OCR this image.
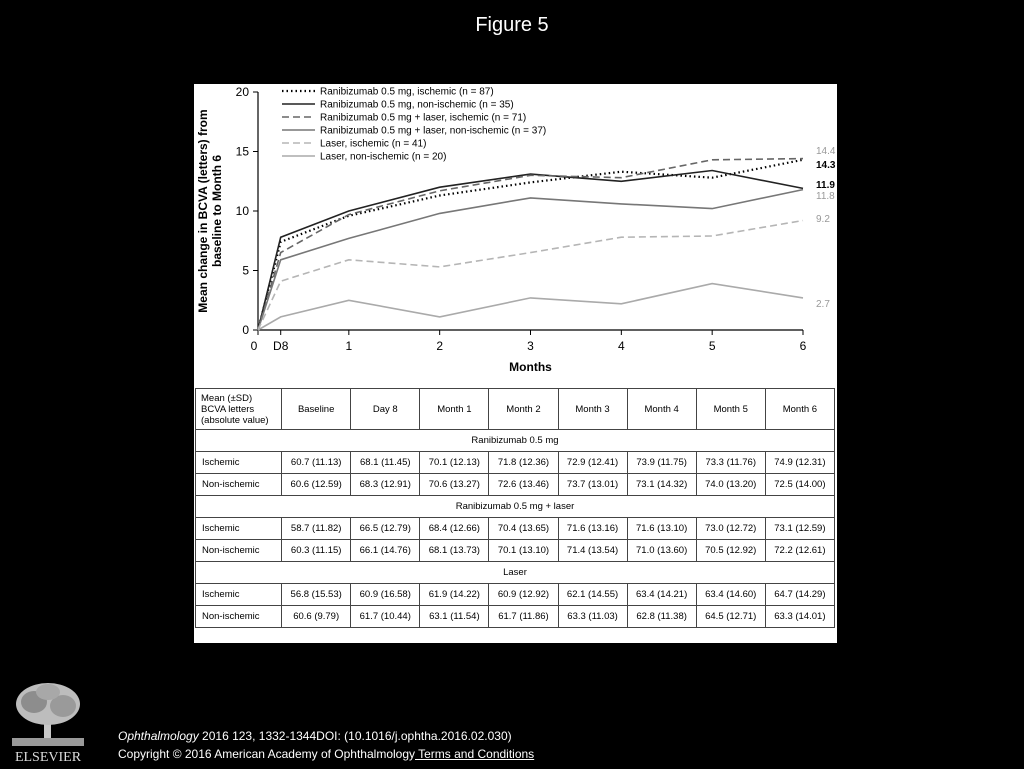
Figure 5
0
5
10
15
20
0 D8	1	2	3	4	5	6
Months
Mean change in BCVA (letters) frombaseline to Month 6	14.3
11.9
14.4
11.8
9.2
2.7
Ranibizumab 0.5 mg, ischemic (n = 87)
Ranibizumab 0.5 mg, non-ischemic (n = 35)
Ranibizumab 0.5 mg + laser, ischemic (n = 71)
Ranibizumab 0.5 mg + laser, non-ischemic (n = 37)
Laser, ischemic (n = 41)
Laser, non-ischemic (n = 20)
Mean (±SD)
BCVA letters
(absolute value)	Baseline	Day 8	Month 1	Month 2	Month 3	Month 4	Month 5	Month 6
Ranibizumab 0.5 mg								
Ischemic	60.7 (11.13)	68.1 (11.45)	70.1 (12.13)	71.8 (12.36)	72.9 (12.41)	73.9 (11.75)	73.3 (11.76)	74.9 (12.31)
Non-ischemic	60.6 (12.59)	68.3 (12.91)	70.6 (13.27)	72.6 (13.46)	73.7 (13.01)	73.1 (14.32)	74.0 (13.20)	72.5 (14.00)
Ranibizumab 0.5 mg + laser								
Ischemic	58.7 (11.82)	66.5 (12.79)	68.4 (12.66)	70.4 (13.65)	71.6 (13.16)	71.6 (13.10)	73.0 (12.72)	73.1 (12.59)
Non-ischemic	60.3 (11.15)	66.1 (14.76)	68.1 (13.73)	70.1 (13.10)	71.4 (13.54)	71.0 (13.60)	70.5 (12.92)	72.2 (12.61)
Laser								
Ischemic	56.8 (15.53)	60.9 (16.58)	61.9 (14.22)	60.9 (12.92)	62.1 (14.55)	63.4 (14.21)	63.4 (14.60)	64.7 (14.29)
Non-ischemic	60.6 (9.79)	61.7 (10.44)	63.1 (11.54)	61.7 (11.86)	63.3 (11.03)	62.8 (11.38)	64.5 (12.71)	63.3 (14.01)
ELSEVIER
Ophthalmology 2016 123, 1332-1344DOI: (10.1016/j.ophtha.2016.02.030)
Copyright © 2016 American Academy of Ophthalmology Terms and Conditions
